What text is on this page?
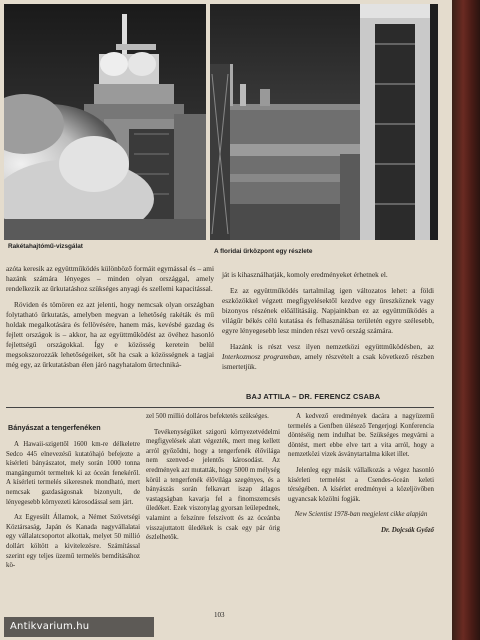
Rakétahajtómű-vizsgálat

A floridai űrközpont egy részlete

azóta keresik az együttműködés különböző formáit egymással és – ami hazánk számára lényeges – minden olyan országgal, amely rendelkezik az űrkutatáshoz szükséges anyagi és szellemi kapacitással.

Röviden és tömören ez azt jelenti, hogy nemcsak olyan országban folytatható űrkutatás, amelyben megvan a lehetőség rakéták és mű holdak megalkotására és fellövésére, hanem más, kevésbé gazdag és fejlett országok is – akkor, ha az együttműködést az övéhez hasonló fejlettségű országokkal. Így e közösség keretein belül megsokszorozzák lehetőségeiket, sőt ha csak a közösségnek a tagjai még egy, az űrkutatásban élen járó nagyhatalom űrtechniká-

ját is kihasználhatják, komoly eredményeket érhetnek el.

Ez az együttműködés tartalmilag igen változatos lehet: a földi eszközökkel végzett megfigyelésektől kezdve egy űreszköznek vagy bizonyos részének előállításáig. Napjainkban ez az együttműködés a világűr békés célú kutatása és felhasználása területén egyre szélesebb, egyre lényegesebb lesz minden részt vevő ország számára.

Hazánk is részt vesz ilyen nemzetközi együttműködésben, az Interkozmosz programban, amely részvételt a csak következő részben ismertetjük.

BAJ ATTILA – DR. FERENCZ CSABA
Bányászat a tengerfenéken

A Hawaii-szigettől 1600 km-re délkeletre Sedco 445 elnevezésű kutatóhajó befejezte a kísérleti bányászatot, mely során 1000 tonna mangángumót termeltek ki az óceán fenekéről. A kísérleti termelés sikeresnek mondható, mert nemcsak gazdaságosnak bizonyult, de lényegesebb környezeti károsodással sem járt.

Az Egyesült Államok, a Német Szövetségi Köztársaság, Japán és Kanada nagyvállalatai egy vállalatcsoportot alkottak, melyet 50 millió dollárt költött a kivitelezésre. Számítással szerint egy teljes üzemű termelés bemdításához kö-

zel 500 millió dolláros befektetés szükséges.

Tevékenységüket szigorú környezetvédelmi megfigyelések alatt végezték, mert meg kellett arról győződni, hogy a tengerfenék élővilága nem szenved-e jelentős károsodást. Az eredmények azt mutatták, hogy 5000 m mélység körül a tengerfenék élővilága szegényes, és a bányászás során felkavart iszap átlagos vastagságban kavarja fel a finomszemcsés üledéket. Ezek viszonylag gyorsan leülepednek, valamint a felszínre felszívott és az óceánba visszajuttatott üledékek is csak egy pár órig észlelhetők.

A kedvező eredmények dacára a nagyüzemű termelés a Genfben ülésező Tengerjogi Konferencia döntéséig nem indulhat be. Szükséges megvárni a döntést, mert ebbe elve tart a vita arról, hogy a nemzetközi vizek ásványtartalma kiket illet.

Jelenleg egy másik vállalkozás a végez hasonló kísérleti termelést a Csendes-óceán keleti térségében. A kísérlet eredményei a közeljövőben ugyancsak közölni fogják.

New Scientist 1978-ban megjelent cikke alapján

Dr. Dojcsák Győző

103
Antikvarium.hu
